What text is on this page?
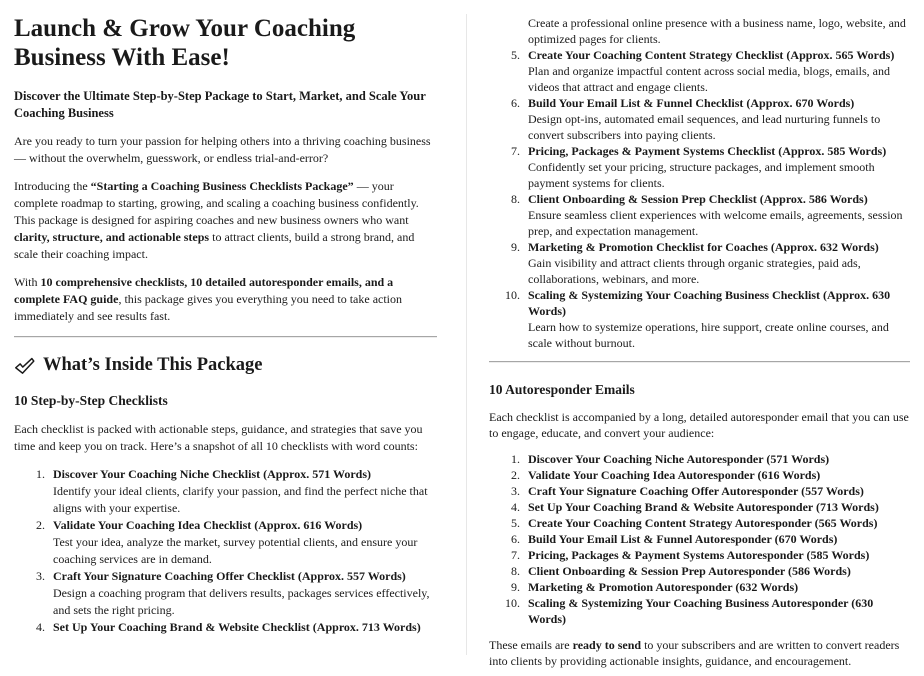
Launch & Grow Your Coaching Business With Ease!

Discover the Ultimate Step-by-Step Package to Start, Market, and Scale Your Coaching Business

Are you ready to turn your passion for helping others into a thriving coaching business — without the overwhelm, guesswork, or endless trial-and-error?

Introducing the “Starting a Coaching Business Checklists Package” — your complete roadmap to starting, growing, and scaling a coaching business confidently. This package is designed for aspiring coaches and new business owners who want clarity, structure, and actionable steps to attract clients, build a strong brand, and scale their coaching impact.

With 10 comprehensive checklists, 10 detailed autoresponder emails, and a complete FAQ guide, this package gives you everything you need to take action immediately and see results fast.

What’s Inside This Package
10 Step-by-Step Checklists

Each checklist is packed with actionable steps, guidance, and strategies that save you time and keep you on track. Here’s a snapshot of all 10 checklists with word counts:

1. Discover Your Coaching Niche Checklist (Approx. 571 Words)
Identify your ideal clients, clarify your passion, and find the perfect niche that aligns with your expertise.
2. Validate Your Coaching Idea Checklist (Approx. 616 Words)
Test your idea, analyze the market, survey potential clients, and ensure your coaching services are in demand.
3. Craft Your Signature Coaching Offer Checklist (Approx. 557 Words)
Design a coaching program that delivers results, packages services effectively, and sets the right pricing.
4. Set Up Your Coaching Brand & Website Checklist (Approx. 713 Words)
Create a professional online presence with a business name, logo, website, and optimized pages for clients.
5. Create Your Coaching Content Strategy Checklist (Approx. 565 Words)
Plan and organize impactful content across social media, blogs, emails, and videos that attract and engage clients.
6. Build Your Email List & Funnel Checklist (Approx. 670 Words)
Design opt-ins, automated email sequences, and lead nurturing funnels to convert subscribers into paying clients.
7. Pricing, Packages & Payment Systems Checklist (Approx. 585 Words)
Confidently set your pricing, structure packages, and implement smooth payment systems for clients.
8. Client Onboarding & Session Prep Checklist (Approx. 586 Words)
Ensure seamless client experiences with welcome emails, agreements, session prep, and expectation management.
9. Marketing & Promotion Checklist for Coaches (Approx. 632 Words)
Gain visibility and attract clients through organic strategies, paid ads, collaborations, webinars, and more.
10. Scaling & Systemizing Your Coaching Business Checklist (Approx. 630 Words)
Learn how to systemize operations, hire support, create online courses, and scale without burnout.
10 Autoresponder Emails

Each checklist is accompanied by a long, detailed autoresponder email that you can use to engage, educate, and convert your audience:

1. Discover Your Coaching Niche Autoresponder (571 Words)
2. Validate Your Coaching Idea Autoresponder (616 Words)
3. Craft Your Signature Coaching Offer Autoresponder (557 Words)
4. Set Up Your Coaching Brand & Website Autoresponder (713 Words)
5. Create Your Coaching Content Strategy Autoresponder (565 Words)
6. Build Your Email List & Funnel Autoresponder (670 Words)
7. Pricing, Packages & Payment Systems Autoresponder (585 Words)
8. Client Onboarding & Session Prep Autoresponder (586 Words)
9. Marketing & Promotion Autoresponder (632 Words)
10. Scaling & Systemizing Your Coaching Business Autoresponder (630 Words)

These emails are ready to send to your subscribers and are written to convert readers into clients by providing actionable insights, guidance, and encouragement.
